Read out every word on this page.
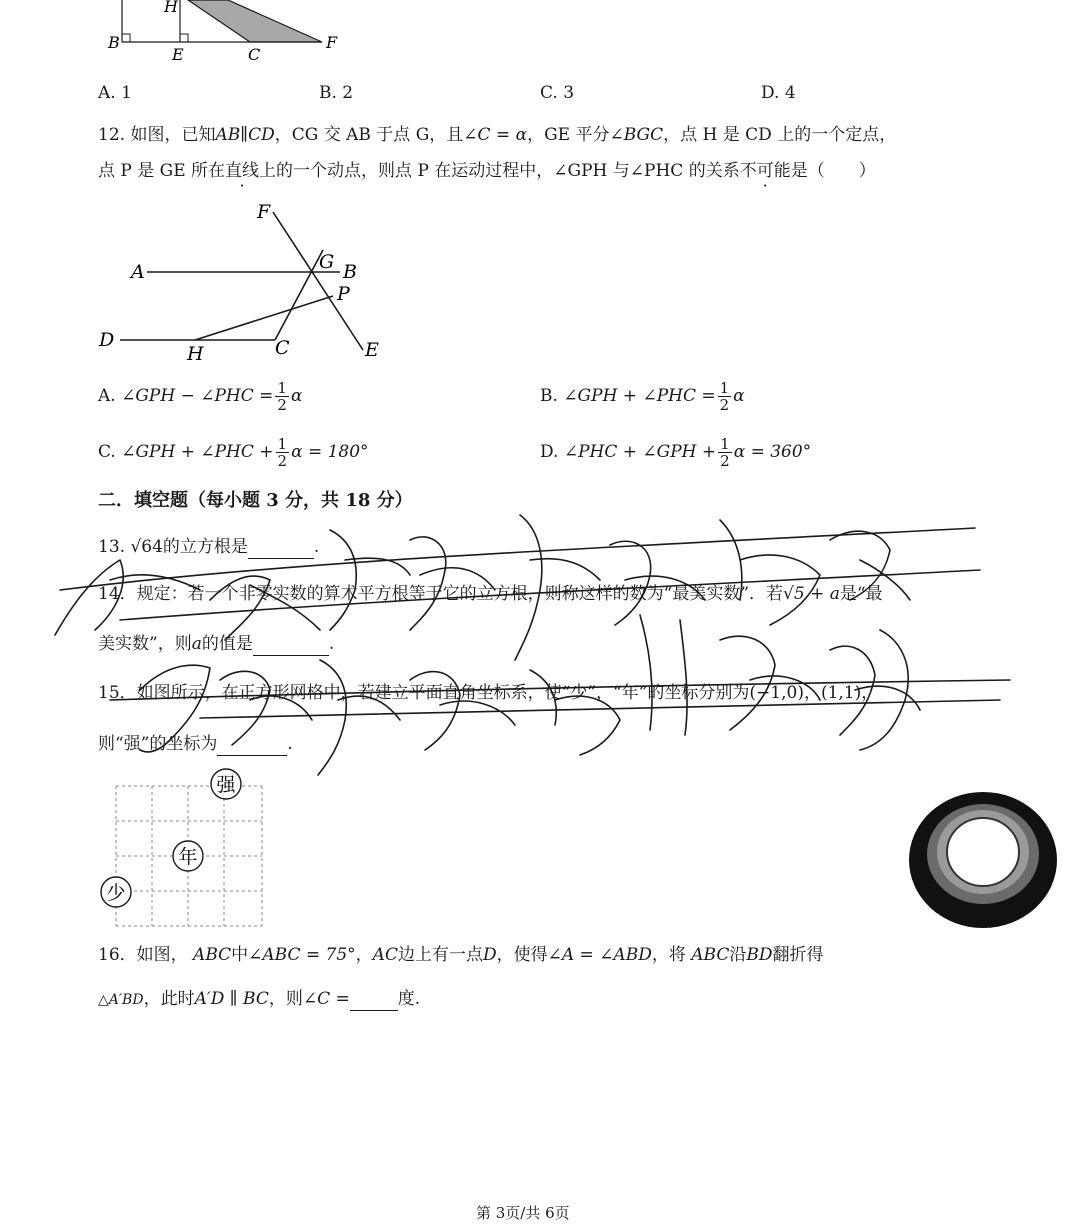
H
B
E	C
F
A. 1	B. 2	C. 3	D. 4
12. 如图，已知AB∥CD，CG 交 AB 于点 G，且∠C = α，GE 平分∠BGC，点 H 是 CD 上的一个定点，
点 P 是 GE 所在直线上的一个动点，则点 P 在运动过程中，∠GPH 与∠PHC 的关系不可能是（　　）
F
G
A	B
P
D
H	C	E
A. ∠GPH − ∠PHC = $\frac{1}{2}$ α	B. ∠GPH + ∠PHC = $\frac{1}{2}$ α
C. ∠GPH + ∠PHC + $\frac{1}{2}$ α = 180°	D. ∠PHC + ∠GPH + $\frac{1}{2}$ α = 360°
二．填空题（每小题 3 分，共 18 分）
13. √64的立方根是	.
14．规定：若一个非零实数的算术平方根等于它的立方根，则称这样的数为“最美实数”．若√5 + a是“最
美实数”，则a的值是	.
15．如图所示，在正方形网格中，若建立平面直角坐标系，使“少”，“年”的坐标分别为(−1,0)，(1,1)，
则“强”的坐标为	.
强
年
少
16．如图， ABC中∠ABC = 75°，AC边上有一点D，使得∠A = ∠ABD，将 ABC沿BD翻折得
△A′BD，此时A′D ∥ BC，则∠C =	度.
第 3页/共 6页
